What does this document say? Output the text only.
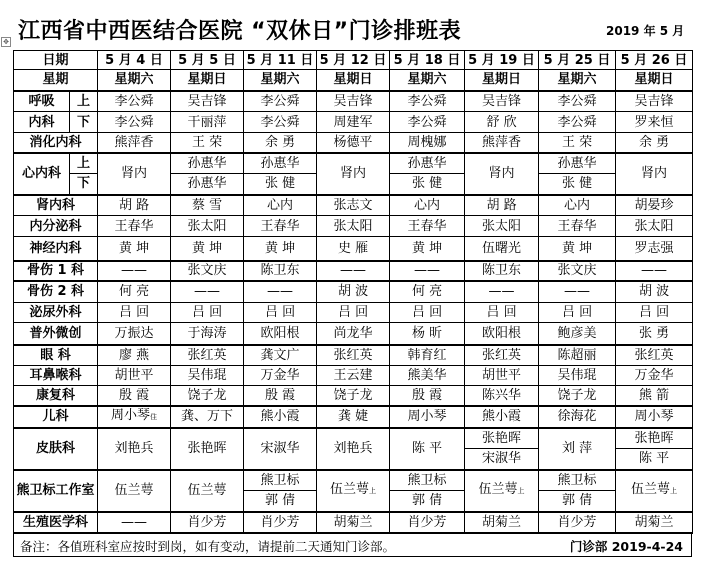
江西省中西医结合医院 “双休日”门诊排班表	2019 年 5 月
✥
日期		5 月 4 日	5 月 5 日	5 月 11 日	5 月 12 日	5 月 18 日	5 月 19 日	5 月 25 日	5 月 26 日
星期		星期六	星期日	星期六	星期日	星期六	星期日	星期六	星期日
呼吸	上	李公舜	吴吉锋	李公舜	吴吉锋	李公舜	吴吉锋	李公舜	吴吉锋
内科	下	李公舜	干丽萍	李公舜	周建军	李公舜	舒 欣	李公舜	罗来恒
消化内科		熊萍香	王 荣	余 勇	杨德平	周槐娜	熊萍香	王 荣	余 勇
心内科	上	肾内	孙惠华	孙惠华	肾内	孙惠华	肾内	孙惠华	肾内
	下		孙惠华	张 健		张 健		张 健	
肾内科		胡 路	蔡 雪	心内	张志文	心内	胡 路	心内	胡晏珍
内分泌科		王春华	张太阳	王春华	张太阳	王春华	张太阳	王春华	张太阳
神经内科		黄 坤	黄 坤	黄 坤	史 雁	黄 坤	伍曙光	黄 坤	罗志强
骨伤 1 科		——	张文庆	陈卫东	——	——	陈卫东	张文庆	——
骨伤 2 科		何 亮	——	——	胡 波	何 亮	——	——	胡 波
泌尿外科		吕 回	吕 回	吕 回	吕 回	吕 回	吕 回	吕 回	吕 回
普外微创		万振达	于海涛	欧阳根	尚龙华	杨 昕	欧阳根	鲍彦美	张 勇
眼 科		廖 燕	张红英	龚文广	张红英	韩育红	张红英	陈超丽	张红英
耳鼻喉科		胡世平	吴伟琨	万金华	王云建	熊美华	胡世平	吴伟琨	万金华
康复科		殷 霞	饶子龙	殷 霞	饶子龙	殷 霞	陈兴华	饶子龙	熊 箭
儿科		周小琴住	龚、万下	熊小霞	龚 婕	周小琴	熊小霞	徐海花	周小琴
皮肤科		刘艳兵	张艳晖	宋淑华	刘艳兵	陈 平	张艳晖	刘 萍	张艳晖
							宋淑华		陈 平
熊卫标工作室		伍兰萼	伍兰萼	熊卫标	伍兰萼上	熊卫标	伍兰萼上	熊卫标	伍兰萼上
				郭 倩		郭 倩		郭 倩	
生殖医学科		——	肖少芳	肖少芳	胡菊兰	肖少芳	胡菊兰	肖少芳	胡菊兰
备注：各值班科室应按时到岗，如有变动，请提前二天通知门诊部。	门诊部 2019-4-24
